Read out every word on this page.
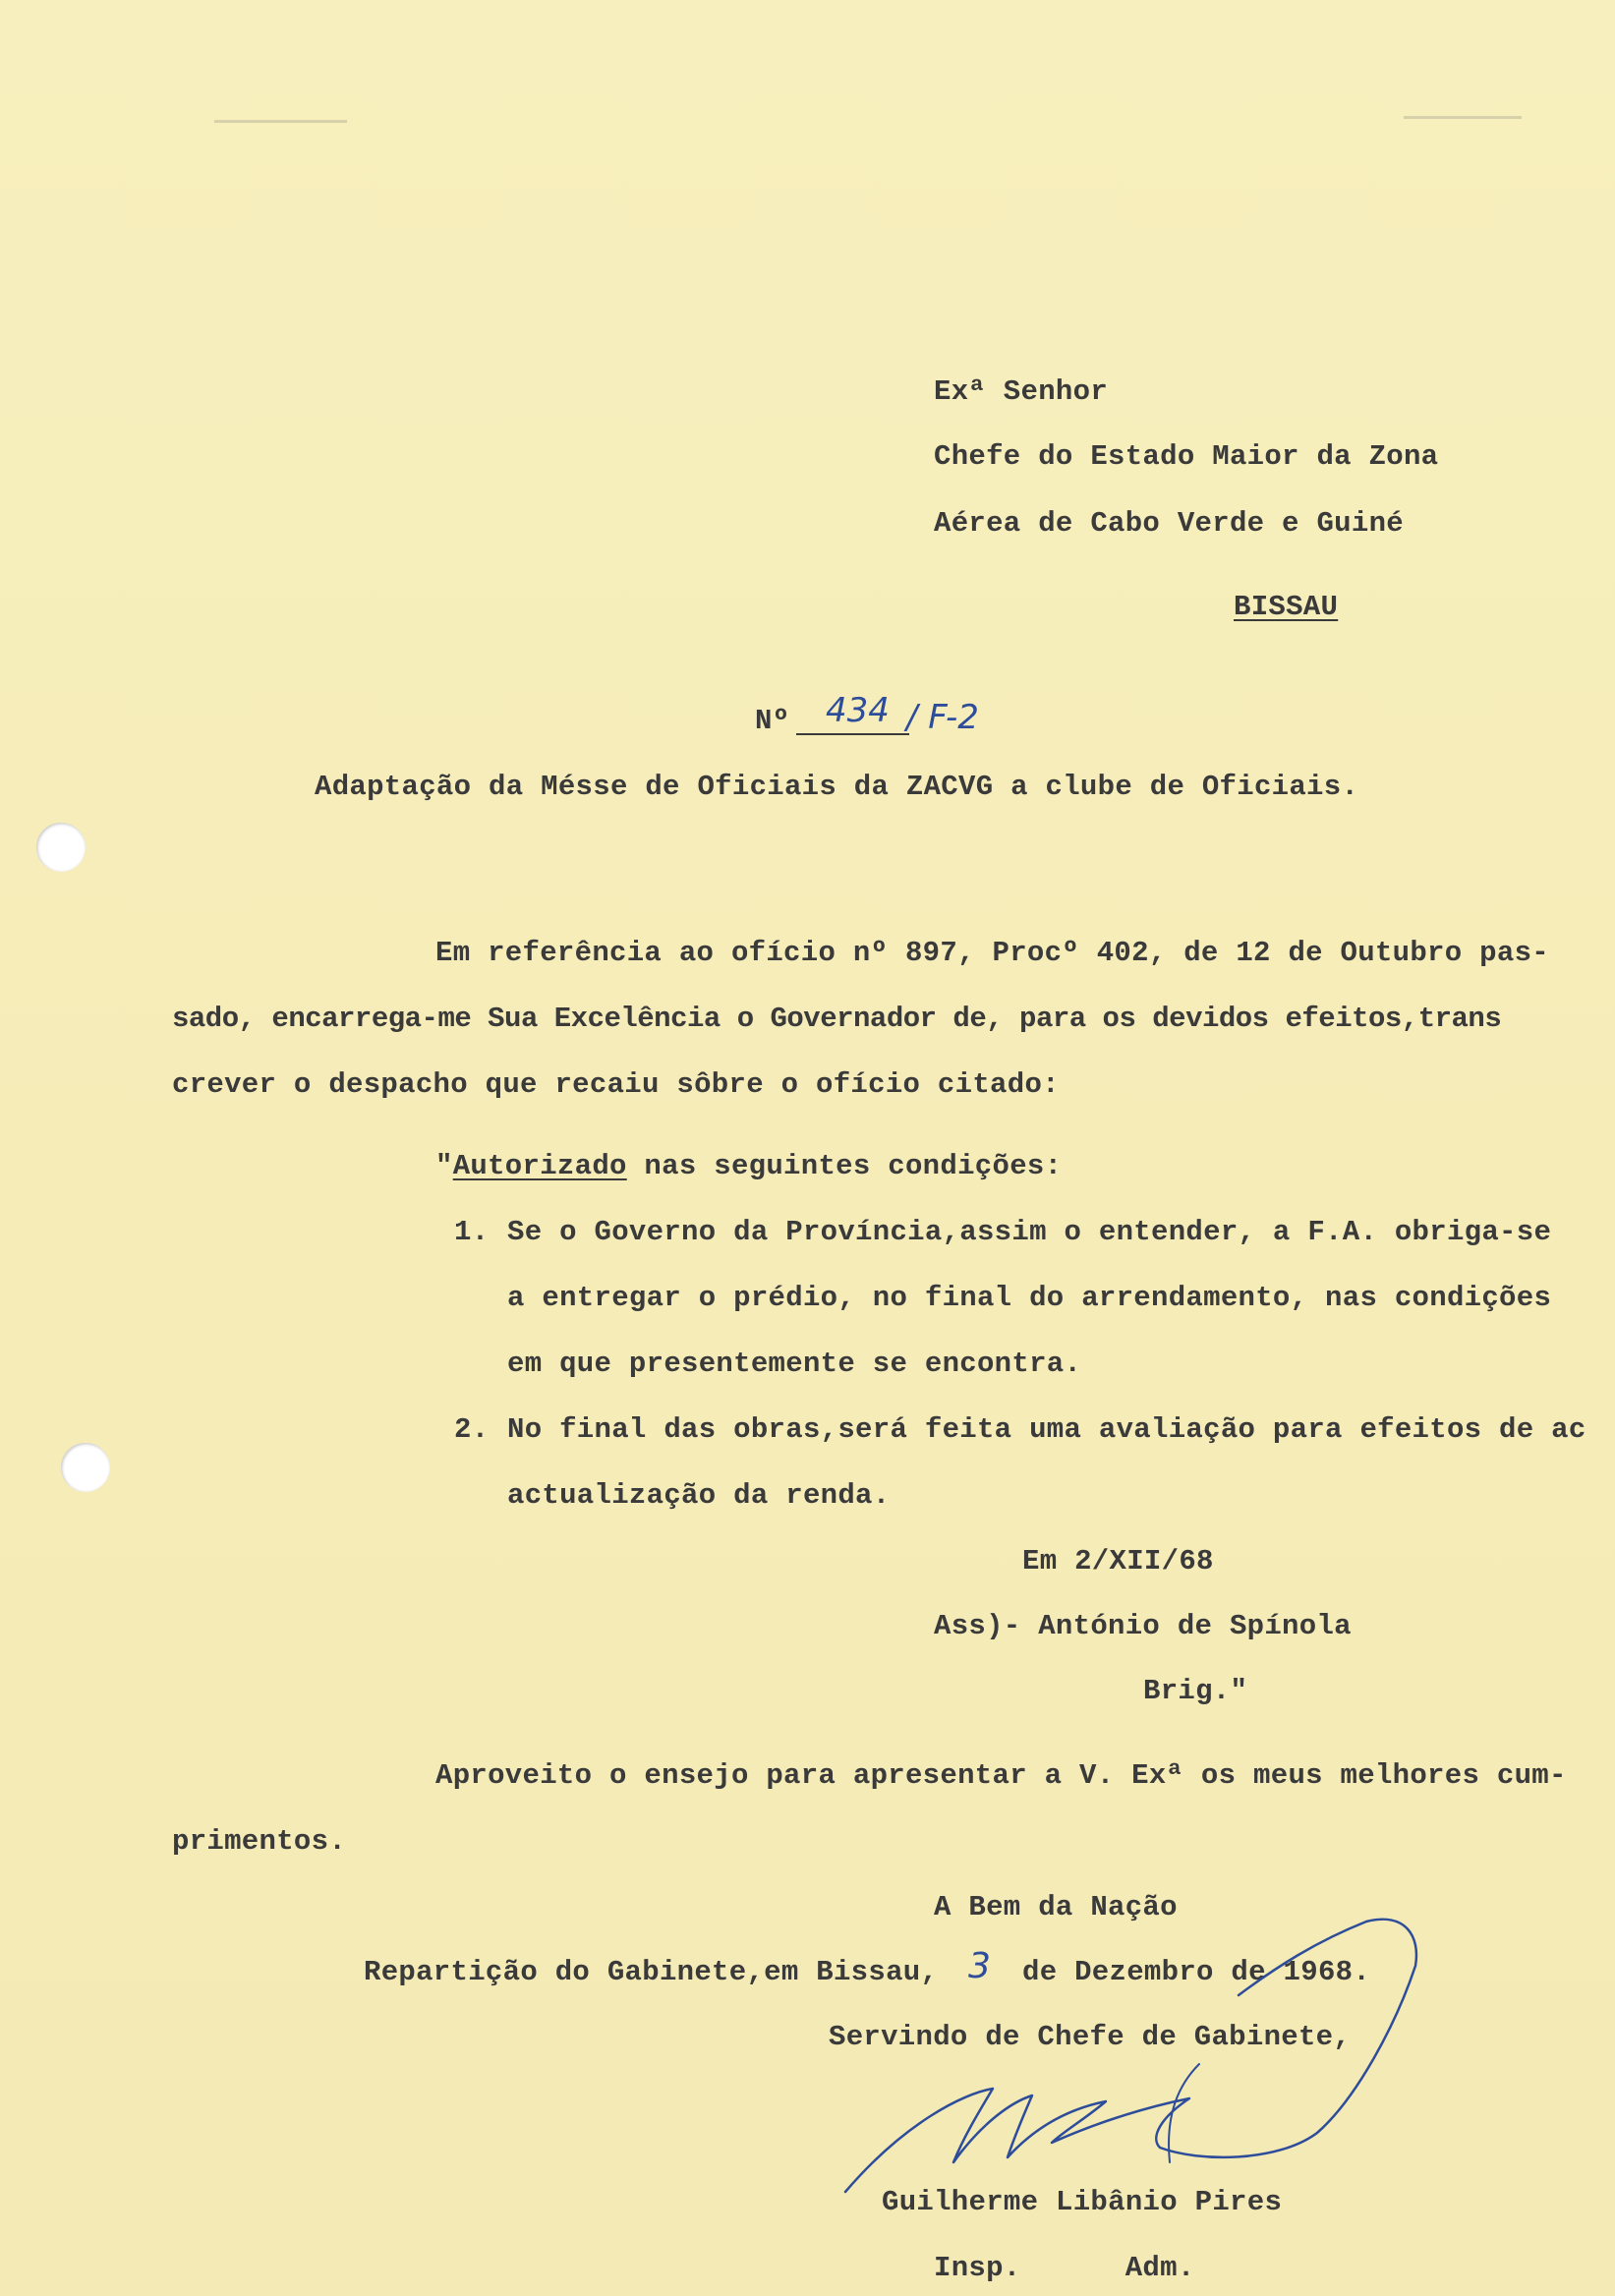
Exª Senhor
Chefe do Estado Maior da Zona
Aérea de Cabo Verde e Guiné
BISSAU
Nº 434 / F-2
Adaptação da Mésse de Oficiais da ZACVG a clube de Oficiais.
Em referência ao ofício nº 897, Procº 402, de 12 de Outubro pas-
sado, encarrega-me Sua Excelência o Governador de, para os devidos efeitos,trans
crever o despacho que recaiu sôbre o ofício citado:
"Autorizado nas seguintes condições:
1. Se o Governo da Província,assim o entender, a F.A. obriga-se
a entregar o prédio, no final do arrendamento, nas condições
em que presentemente se encontra.
2. No final das obras,será feita uma avaliação para efeitos de ac
actualização da renda.
Em 2/XII/68
Ass)- António de Spínola
Brig."
Aproveito o ensejo para apresentar a V. Exª os meus melhores cum-
primentos.
A Bem da Nação
Repartição do Gabinete,em Bissau, 3 de Dezembro de 1968.
Servindo de Chefe de Gabinete,
Guilherme Libânio Pires
Insp.      Adm.
